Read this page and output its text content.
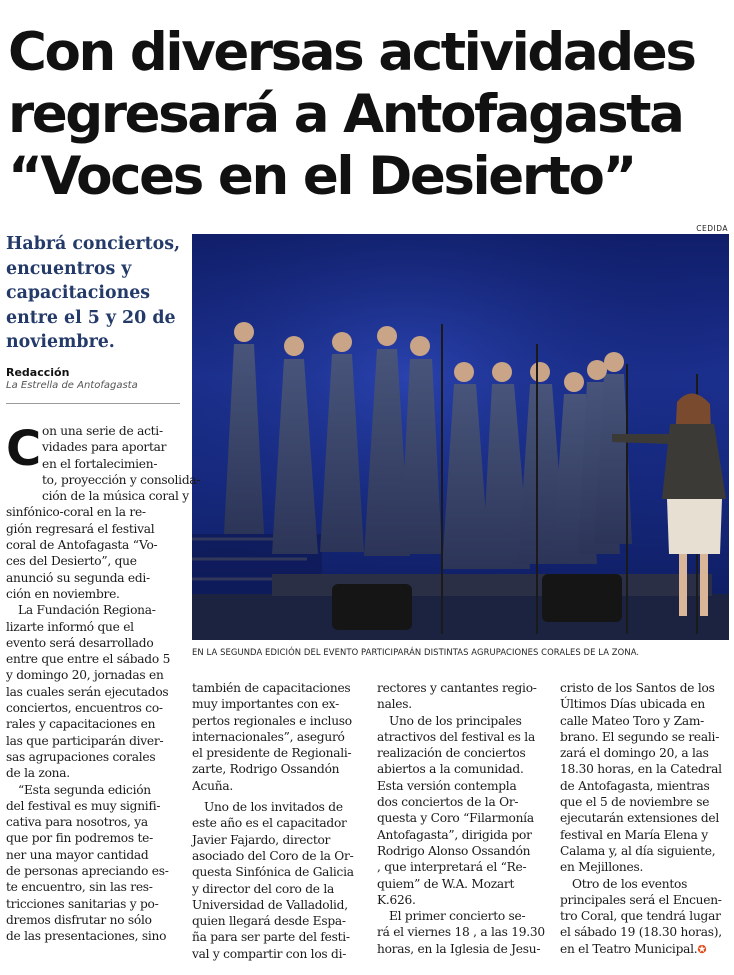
Con diversas actividades
regresará a Antofagasta
“Voces en el Desierto”
CEDIDA
EN LA SEGUNDA EDICIÓN DEL EVENTO PARTICIPARÁN DISTINTAS AGRUPACIONES CORALES DE LA ZONA.
Habrá conciertos,
encuentros y
capacitaciones
entre el 5 y 20 de
noviembre.
Redacción
La Estrella de Antofagasta
C on una serie de acti-
vidades para aportar
en el fortalecimien-
to, proyección y consolida-
ción de la música coral y
sinfónico-coral en la re-
gión regresará el festival
coral de Antofagasta “Vo-
ces del Desierto”, que
anunció su segunda edi-
ción en noviembre.
La Fundación Regiona-
lizarte informó que el
evento será desarrollado
entre que entre el sábado 5
y domingo 20, jornadas en
las cuales serán ejecutados
conciertos, encuentros co-
rales y capacitaciones en
las que participarán diver-
sas agrupaciones corales
de la zona.
“Esta segunda edición
del festival es muy signifi-
cativa para nosotros, ya
que por fin podremos te-
ner una mayor cantidad
de personas apreciando es-
te encuentro, sin las res-
tricciones sanitarias y po-
dremos disfrutar no sólo
de las presentaciones, sino
también de capacitaciones
muy importantes con ex-
pertos regionales e incluso
internacionales”, aseguró
el presidente de Regionali-
zarte, Rodrigo Ossandón
Acuña.

Uno de los invitados de
este año es el capacitador
Javier Fajardo, director
asociado del Coro de la Or-
questa Sinfónica de Galicia
y director del coro de la
Universidad de Valladolid,
quien llegará desde Espa-
ña para ser parte del festi-
val y compartir con los di-
rectores y cantantes regio-
nales.
Uno de los principales
atractivos del festival es la
realización de conciertos
abiertos a la comunidad.
Esta versión contempla
dos conciertos de la Or-
questa y Coro “Filarmonía
Antofagasta”, dirigida por
Rodrigo Alonso Ossandón
, que interpretará el “Re-
quiem” de W.A. Mozart
K.626.
El primer concierto se-
rá el viernes 18 , a las 19.30
horas, en la Iglesia de Jesu-
cristo de los Santos de los
Últimos Días ubicada en
calle Mateo Toro y Zam-
brano. El segundo se reali-
zará el domingo 20, a las
18.30 horas, en la Catedral
de Antofagasta, mientras
que el 5 de noviembre se
ejecutarán extensiones del
festival en María Elena y
Calama y, al día siguiente,
en Mejillones.
Otro de los eventos
principales será el Encuen-
tro Coral, que tendrá lugar
el sábado 19 (18.30 horas),
en el Teatro Municipal.✪
